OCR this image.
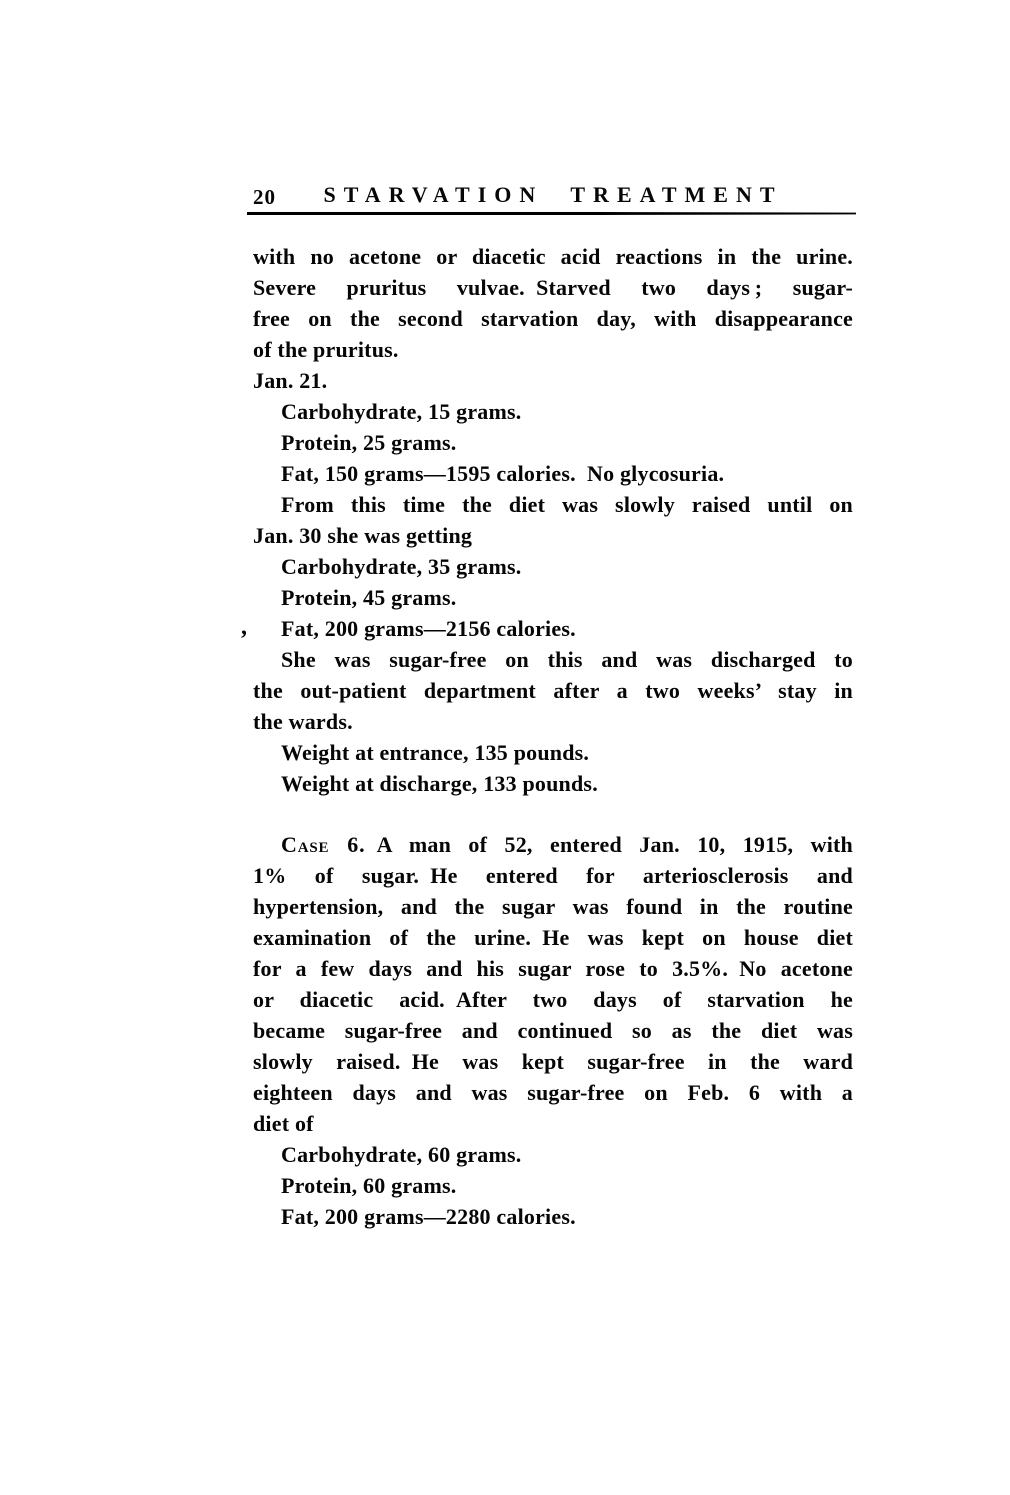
20	STARVATION TREATMENT
,
with no acetone or diacetic acid reactions in the urine.
Severe pruritus vulvae. Starved two days ; sugar-
free on the second starvation day, with disappearance
of the pruritus.
Jan. 21.
Carbohydrate, 15 grams.
Protein, 25 grams.
Fat, 150 grams—1595 calories. No glycosuria.
From this time the diet was slowly raised until on
Jan. 30 she was getting
Carbohydrate, 35 grams.
Protein, 45 grams.
Fat, 200 grams—2156 calories.
She was sugar-free on this and was discharged to
the out-patient department after a two weeks’ stay in
the wards.
Weight at entrance, 135 pounds.
Weight at discharge, 133 pounds.
Case 6. A man of 52, entered Jan. 10, 1915, with
1% of sugar. He entered for arteriosclerosis and
hypertension, and the sugar was found in the routine
examination of the urine. He was kept on house diet
for a few days and his sugar rose to 3.5%. No acetone
or diacetic acid. After two days of starvation he
became sugar-free and continued so as the diet was
slowly raised. He was kept sugar-free in the ward
eighteen days and was sugar-free on Feb. 6 with a
diet of
Carbohydrate, 60 grams.
Protein, 60 grams.
Fat, 200 grams—2280 calories.
